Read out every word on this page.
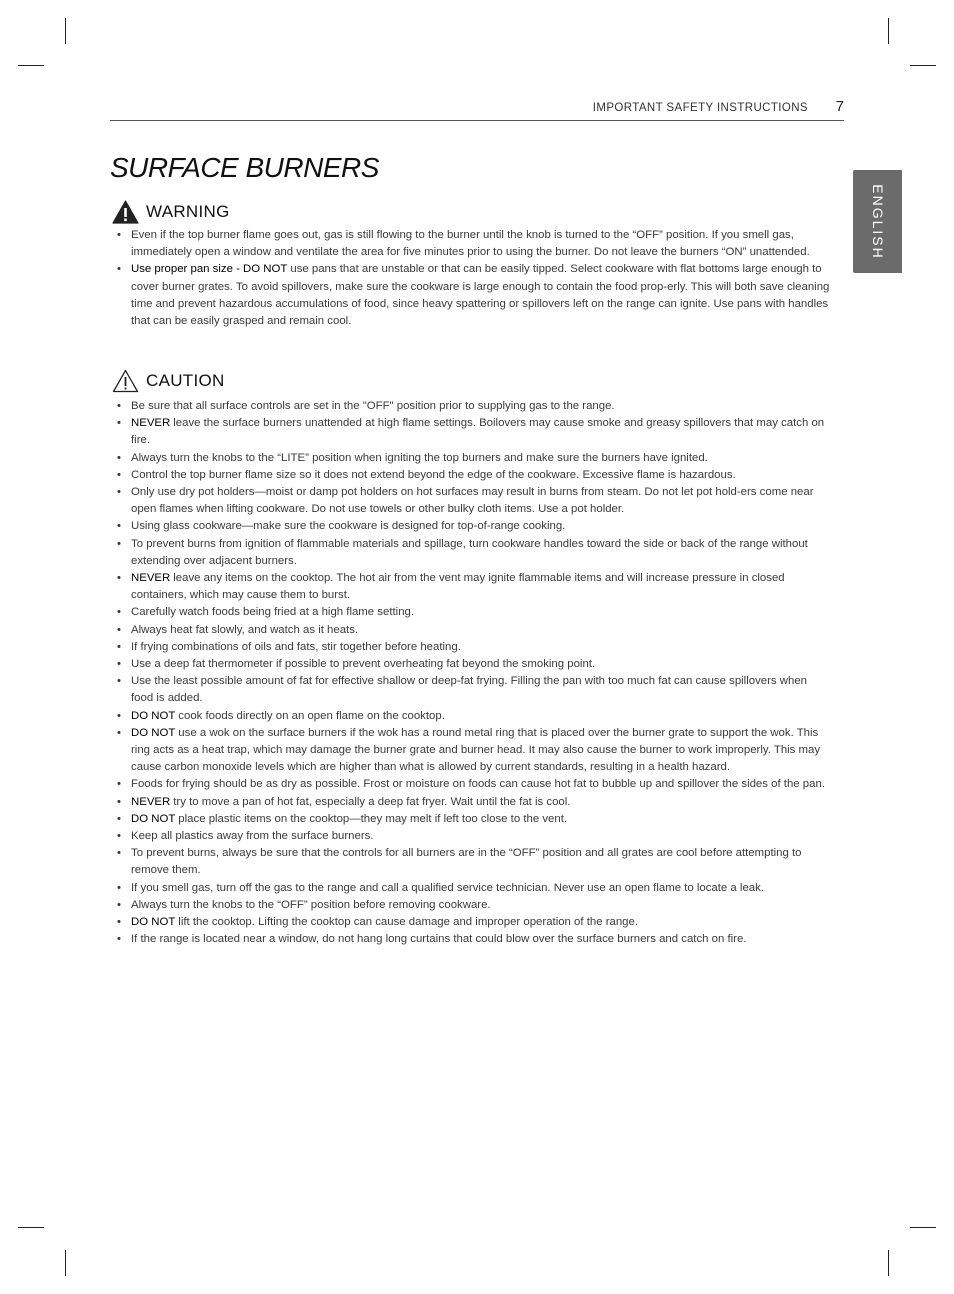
IMPORTANT SAFETY INSTRUCTIONS 7
ENGLISH
SURFACE BURNERS
WARNING
• Even if the top burner flame goes out, gas is still flowing to the burner until the knob is turned to the “OFF” position. If you smell gas, immediately open a window and ventilate the area for five minutes prior to using the burner. Do not leave the burners “ON” unattended.
• Use proper pan size - DO NOT use pans that are unstable or that can be easily tipped. Select cookware with flat bottoms large enough to cover burner grates. To avoid spillovers, make sure the cookware is large enough to contain the food prop-erly. This will both save cleaning time and prevent hazardous accumulations of food, since heavy spattering or spillovers left on the range can ignite. Use pans with handles that can be easily grasped and remain cool.
CAUTION
• Be sure that all surface controls are set in the "OFF" position prior to supplying gas to the range.
• NEVER leave the surface burners unattended at high flame settings. Boilovers may cause smoke and greasy spillovers that may catch on fire.
• Always turn the knobs to the “LITE” position when igniting the top burners and make sure the burners have ignited.
• Control the top burner flame size so it does not extend beyond the edge of the cookware. Excessive flame is hazardous.
• Only use dry pot holders—moist or damp pot holders on hot surfaces may result in burns from steam. Do not let pot hold-ers come near open flames when lifting cookware. Do not use towels or other bulky cloth items. Use a pot holder.
• Using glass cookware—make sure the cookware is designed for top-of-range cooking.
• To prevent burns from ignition of flammable materials and spillage, turn cookware handles toward the side or back of the range without extending over adjacent burners.
• NEVER leave any items on the cooktop. The hot air from the vent may ignite flammable items and will increase pressure in closed containers, which may cause them to burst.
• Carefully watch foods being fried at a high flame setting.
• Always heat fat slowly, and watch as it heats.
• If frying combinations of oils and fats, stir together before heating.
• Use a deep fat thermometer if possible to prevent overheating fat beyond the smoking point.
• Use the least possible amount of fat for effective shallow or deep-fat frying. Filling the pan with too much fat can cause spillovers when food is added.
• DO NOT cook foods directly on an open flame on the cooktop.
• DO NOT use a wok on the surface burners if the wok has a round metal ring that is placed over the burner grate to support the wok. This ring acts as a heat trap, which may damage the burner grate and burner head. It may also cause the burner to work improperly. This may cause carbon monoxide levels which are higher than what is allowed by current standards, resulting in a health hazard.
• Foods for frying should be as dry as possible. Frost or moisture on foods can cause hot fat to bubble up and spillover the sides of the pan.
• NEVER try to move a pan of hot fat, especially a deep fat fryer. Wait until the fat is cool.
• DO NOT place plastic items on the cooktop—they may melt if left too close to the vent.
• Keep all plastics away from the surface burners.
• To prevent burns, always be sure that the controls for all burners are in the “OFF” position and all grates are cool before attempting to remove them.
• If you smell gas, turn off the gas to the range and call a qualified service technician. Never use an open flame to locate a leak.
• Always turn the knobs to the “OFF” position before removing cookware.
• DO NOT lift the cooktop. Lifting the cooktop can cause damage and improper operation of the range.
• If the range is located near a window, do not hang long curtains that could blow over the surface burners and catch on fire.
